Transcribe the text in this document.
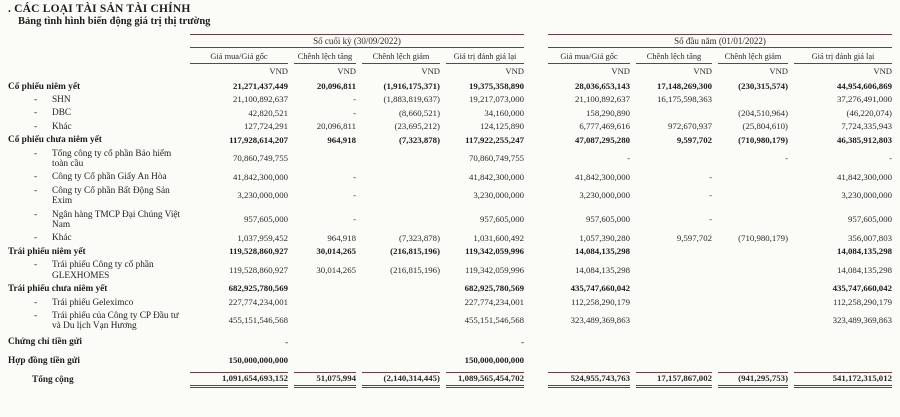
. CÁC LOẠI TÀI SẢN TÀI CHÍNH
Bảng tình hình biến động giá trị thị trường

	Số cuối kỳ (30/09/2022)					Số đầu năm (01/01/2022)			

	Giá mua/Giá gốc	Chênh lệch tăng	Chênh lệch giảm	Giá trị đánh giá lại		Giá mua/Giá gốc	Chênh lệch tăng	Chênh lệch giảm	Giá trị đánh giá lại

	VND	VND	VND	VND		VND	VND	VND	VND
Cổ phiếu niêm yết	21,271,437,449	20,096,811	(1,916,175,371)	19,375,358,890		28,036,653,143	17,148,269,300	(230,315,574)	44,954,606,869

- SHN	21,100,892,637	-	(1,883,819,637)	19,217,073,000		21,100,892,637	16,175,598,363		37,276,491,000

- DBC	42,820,521	-	(8,660,521)	34,160,000		158,290,890		(204,510,964)	(46,220,074)

- Khác	127,724,291	20,096,811	(23,695,212)	124,125,890		6,777,469,616	972,670,937	(25,804,610)	7,724,335,943

Cổ phiếu chưa niêm yết	117,928,614,207	964,918	(7,323,878)	117,922,255,247		47,087,295,280	9,597,702	(710,980,179)	46,385,912,803

- Tổng công ty cổ phần Bảo hiểm toàn cầu	70,860,749,755			70,860,749,755		-		-	-

- Công ty Cổ phần Giấy An Hòa	41,842,300,000	-		41,842,300,000		41,842,300,000	-		41,842,300,000

- Công ty Cổ phần Bất Động Sản Exim	3,230,000,000	-		3,230,000,000		3,230,000,000	-		3,230,000,000

- Ngân hàng TMCP Đại Chúng Việt Nam	957,605,000	-		957,605,000		957,605,000	-		957,605,000

- Khác	1,037,959,452	964,918	(7,323,878)	1,031,600,492		1,057,390,280	9,597,702	(710,980,179)	356,007,803

Trái phiếu niêm yết	119,528,860,927	30,014,265	(216,815,196)	119,342,059,996		14,084,135,298			14,084,135,298

- Trái phiếu Công ty cổ phần GLEXHOMES	119,528,860,927	30,014,265	(216,815,196)	119,342,059,996		14,084,135,298			14,084,135,298

Trái phiếu chưa niêm yết	682,925,780,569			682,925,780,569		435,747,660,042			435,747,660,042

- Trái phiếu Geleximco	227,774,234,001			227,774,234,001		112,258,290,179			112,258,290,179

- Trái phiếu của Công ty CP Đầu tư và Du lịch Vạn Hương	455,151,546,568			455,151,546,568		323,489,369,863			323,489,369,863

Chứng chỉ tiền gửi	-			-					

Hợp đồng tiền gửi	150,000,000,000			150,000,000,000					

Tổng cộng	1,091,654,693,152	51,075,994	(2,140,314,445)	1,089,565,454,702		524,955,743,763	17,157,867,002	(941,295,753)	541,172,315,012
